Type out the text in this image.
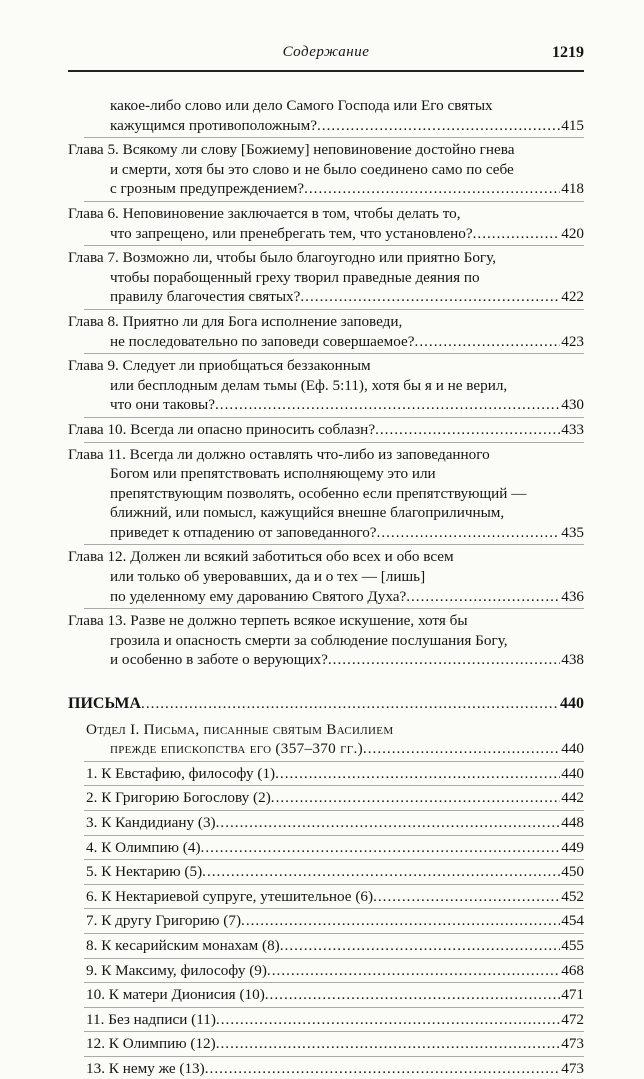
Содержание	1219
какое-либо слово или дело Самого Господа или Его святых
кажущимся противоположным? .....	415
Глава 5. Всякому ли слову [Божиему] неповиновение достойно гнева
и смерти, хотя бы это слово и не было соединено само по себе
с грозным предупреждением? .....	418
Глава 6. Неповиновение заключается в том, чтобы делать то,
что запрещено, или пренебрегать тем, что установлено? .....	420
Глава 7. Возможно ли, чтобы было благоугодно или приятно Богу,
чтобы порабощенный греху творил праведные деяния по
правилу благочестия святых? .....	422
Глава 8. Приятно ли для Бога исполнение заповеди,
не последовательно по заповеди совершаемое? .....	423
Глава 9. Следует ли приобщаться беззаконным
или бесплодным делам тьмы (Еф. 5:11), хотя бы я и не верил,
что они таковы? .....	430
Глава 10. Всегда ли опасно приносить соблазн? .....	433
Глава 11. Всегда ли должно оставлять что-либо из заповеданного
Богом или препятствовать исполняющему это или
препятствующим позволять, особенно если препятствующий —
ближний, или помысл, кажущийся внешне благоприличным,
приведет к отпадению от заповеданного? .....	435
Глава 12. Должен ли всякий заботиться обо всех и обо всем
или только об уверовавших, да и о тех — [лишь]
по уделенному ему дарованию Святого Духа? .....	436
Глава 13. Разве не должно терпеть всякое искушение, хотя бы
грозила и опасность смерти за соблюдение послушания Богу,
и особенно в заботе о верующих? .....	438
ПИСЬМА .....	440
Отдел I. Письма, писанные святым Василием
прежде епископства его (357–370 гг.) .....	440
1. К Евстафию, философу (1) .....	440
2. К Григорию Богослову (2) .....	442
3. К Кандидиану (3) .....	448
4. К Олимпию (4) .....	449
5. К Нектарию (5) .....	450
6. К Нектариевой супруге, утешительное (6) .....	452
7. К другу Григорию (7) .....	454
8. К кесарийским монахам (8) .....	455
9. К Максиму, философу (9) .....	468
10. К матери Дионисия (10) .....	471
11. Без надписи (11) .....	472
12. К Олимпию (12) .....	473
13. К нему же (13) .....	473
